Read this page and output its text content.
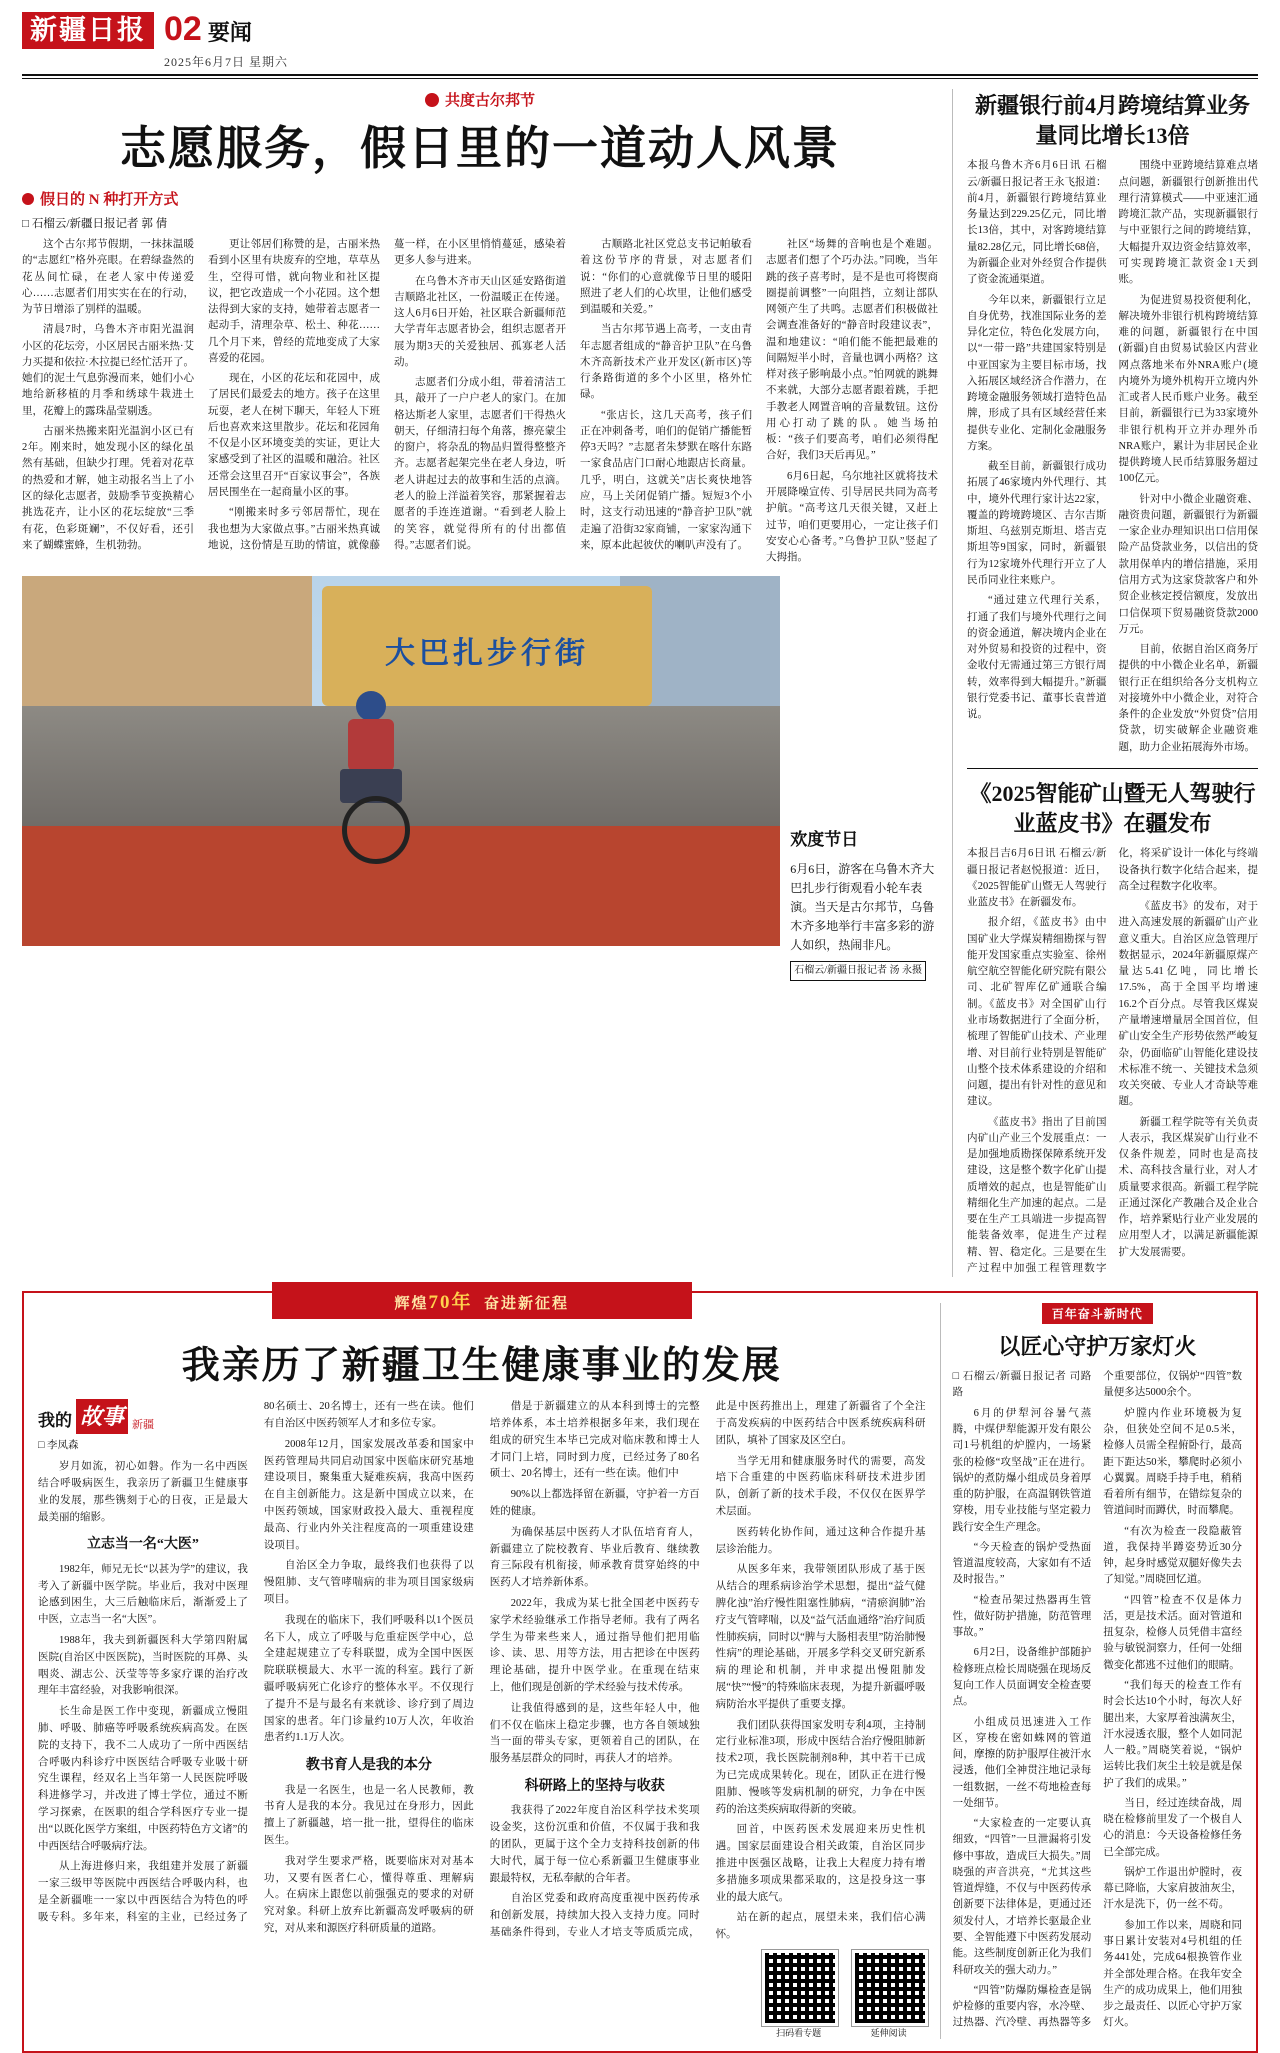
新疆日报 02 要闻
2025年6月7日 星期六
共度古尔邦节
志愿服务，假日里的一道动人风景
假日的 N 种打开方式
□ 石榴云/新疆日报记者 郭 倩

这个古尔邦节假期，一抹抹温暖的“志愿红”格外亮眼。在碧绿盎然的花丛间忙碌，在老人家中传递爱心……志愿者们用实实在在的行动，为节日增添了别样的温暖。

清晨7时，乌鲁木齐市阳光温润小区的花坛旁，小区居民古丽米热·艾力买提和依拉·木拉提已经忙活开了。她们的泥土气息弥漫而来，她们小心地给新移植的月季和绣球牛栽进土里，花瓣上的露珠晶莹剔透。

古丽米热搬来阳光温润小区已有2年。刚来时，她发现小区的绿化虽然有基础，但缺少打理。凭着对花草的热爱和才解，她主动报名当上了小区的绿化志愿者，鼓励季节变换精心挑选花卉，让小区的花坛绽放“三季有花，色彩斑斓”，不仅好看，还引来了蝴蝶蜜蜂，生机勃勃。

更让邻居们称赞的是，古丽米热看到小区里有块废弃的空地，草草丛生，空得可惜，就向物业和社区提议，把它改造成一个小花园。这个想法得到大家的支持，她带着志愿者一起动手，清理杂草、松土、种花……几个月下来，曾经的荒地变成了大家喜爱的花园。

现在，小区的花坛和花园中，成了居民们最爱去的地方。孩子在这里玩耍，老人在树下聊天，年轻人下班后也喜欢来这里散步。花坛和花园角不仅是小区环境变美的实证，更让大家感受到了社区的温暖和融洽。社区还常会这里召开“百家议事会”，各族居民围坐在一起商量小区的事。

“刚搬来时多亏邻居帮忙，现在我也想为大家做点事。”古丽米热真诚地说，这份情是互助的情谊，就像藤蔓一样，在小区里悄悄蔓延，感染着更多人参与进来。

在乌鲁木齐市天山区延安路街道吉顺路北社区，一份温暖正在传递。这人6月6日开始，社区联合新疆师范大学青年志愿者协会，组织志愿者开展为期3天的关爱独居、孤寡老人活动。

志愿者们分成小组，带着清洁工具，敲开了一户户老人的家门。在加格达斯老人家里，志愿者们干得热火朝天，仔细清扫每个角落，擦亮蒙尘的窗户，将杂乱的物品归置得整整齐齐。志愿者起架完坐在老人身边，听老人讲起过去的故事和生活的点滴。老人的脸上洋溢着笑容，那紧握着志愿者的手连连道谢。“看到老人脸上的笑容，就觉得所有的付出都值得。”志愿者们说。

古顺路北社区党总支书记帕敏看着这份节序的背景，对志愿者们说：“你们的心意就像节日里的暖阳照进了老人们的心坎里，让他们感受到温暖和关爱。”

当古尔邦节遇上高考，一支由青年志愿者组成的“静音护卫队”在乌鲁木齐高新技术产业开发区(新市区)等行条路街道的多个小区里，格外忙碌。

“张店长，这几天高考，孩子们正在冲刺备考，咱们的促销广播能暂停3天吗？”志愿者朱梦默在喀什东路一家食品店门口耐心地跟店长商量。几乎，明白，这就关”店长爽快地答应，马上关闭促销广播。短短3个小时，这支行动迅速的“静音护卫队”就走遍了沿街32家商铺，一家家沟通下来，原本此起彼伏的喇叭声没有了。

社区“场舞的音响也是个难题。志愿者们想了个巧办法。”同晚，当年跳的孩子喜考时，是不是也可将锲商圈提前调整”一向阻挡，立刻让部队网领产生了共鸣。志愿者们积极做社会调查准备好的“静音时段建议表”，温和地建议：“咱们能不能把最难的间隔短半小时，音量也调小两格？这样对孩子影响最小点。”怕网就的跳舞不来就，大部分志愿者跟着跳，手把手教老人网置音响的音量数钮。这份用心打动了跳的队。她当场拍板：“孩子们要高考，咱们必须得配合好，我们3天后再见。”

6月6日起，乌尔地社区就将技术开展降噪宣传、引导居民共同为高考护航。“高考这几天很关键，又赶上过节，咱们更要用心，一定让孩子们安安心心备考。”乌鲁护卫队”竖起了大拇指。

大巴扎步行街
欢度节日
6月6日，游客在乌鲁木齐大巴扎步行街观看小轮车表演。当天是古尔邦节，乌鲁木齐多地举行丰富多彩的游人如织，热闹非凡。
石榴云/新疆日报记者 汤 永摄
新疆银行前4月跨境结算业务量同比增长13倍

本报乌鲁木齐6月6日讯 石榴云/新疆日报记者王永飞报道：前4月，新疆银行跨境结算业务量达到229.25亿元，同比增长13倍，其中，对客跨境结算量82.28亿元，同比增长68倍，为新疆企业对外经贸合作提供了资金流通渠道。

今年以来，新疆银行立足自身优势，找准国际业务的差异化定位，特色化发展方向，以“一带一路”共建国家特别是中亚国家为主要目标市场，找入拓展区域经济合作潜力，在跨境金融服务领域打造特色品牌，形成了具有区域经营任来提供专业化、定制化金融服务方案。

截至目前，新疆银行成功拓展了46家境内外代理行、其中，境外代理行家计达22家，覆盖的跨境跨境区、吉尔吉斯斯坦、乌兹别克斯坦、塔吉克斯坦等9国家，同时，新疆银行为12家境外代理行开立了人民币同业往来账户。

“通过建立代理行关系，打通了我们与境外代理行之间的资金通道，解决境内企业在对外贸易和投资的过程中，资金收付无需通过第三方银行周转，效率得到大幅提升。”新疆银行党委书记、董事长袁普道说。

围绕中亚跨境结算难点堵点问题，新疆银行创新推出代理行清算模式——中亚速汇通跨境汇款产品，实现新疆银行与中亚银行之间的跨境结算，大幅提升双边资金结算效率，可实现跨境汇款资金1天到账。

为促进贸易投资便利化，解决境外非银行机构跨境结算难的问题，新疆银行在中国(新疆)自由贸易试验区内营业网点落地米布外NRA账户(境内境外为境外机构开立境内外汇或者人民币账户业务。截至目前，新疆银行已为33家境外非银行机构开立并办理外币NRA账户，累计为非居民企业提供跨境人民币结算服务超过100亿元。

针对中小微企业融资难、融资贵问题，新疆银行为新疆一家企业办理知识出口信用保险产品贷款业务，以信出的贷款用保单内的增信措施，采用信用方式为这家贷款客户和外贸企业核定授信额度，发放出口信保项下贸易融资贷款2000万元。

目前，依据自治区商务厅提供的中小微企业名单，新疆银行正在组织给各分支机构立对接境外中小微企业，对符合条件的企业发放“外贸贷”信用贷款，切实破解企业融资难题，助力企业拓展海外市场。

《2025智能矿山暨无人驾驶行业蓝皮书》在疆发布

本报吕吉6月6日讯 石榴云/新疆日报记者赵悦报道：近日，《2025智能矿山暨无人驾驶行业蓝皮书》在新疆发布。

报介绍，《蓝皮书》由中国矿业大学煤炭精细勘探与智能开发国家重点实验室、徐州航空航空智能化研究院有限公司、北矿智库亿矿通联合编制。《蓝皮书》对全国矿山行业市场数据进行了全面分析，梳理了智能矿山技术、产业理增、对目前行业特别是智能矿山整个技术体系建设的介绍和问题，提出有针对性的意见和建议。

《蓝皮书》指出了目前国内矿山产业三个发展重点：一是加强地质勘探保障系统开发建设，这是整个数字化矿山提质增效的起点，也是智能矿山精细化生产加速的起点。二是要在生产工具端进一步提高智能装备效率，促进生产过程精、智、稳定化。三是要在生产过程中加强工程管理数字化，将采矿设计一体化与终端设备执行数字化结合起来，提高全过程数字化收率。

《蓝皮书》的发布，对于进入高速发展的新疆矿山产业意义重大。自治区应急管理厅数据显示，2024年新疆原煤产量达5.41亿吨，同比增长17.5%，高于全国平均增速16.2个百分点。尽管我区煤炭产量增速增量居全国首位，但矿山安全生产形势依然严峻复杂，仍面临矿山智能化建设技术标准不统一、关键技术急须攻关突破、专业人才奇缺等难题。

新疆工程学院等有关负责人表示，我区煤炭矿山行业不仅条件规差，同时也是高技术、高科技含量行业，对人才质量要求很高。新疆工程学院正通过深化产教融合及企业合作，培养紧贴行业产业发展的应用型人才，以满足新疆能源扩大发展需要。

辉煌70年 奋进新征程
我亲历了新疆卫生健康事业的发展
我的 故事 新疆

□ 李凤森

岁月如流，初心如磐。作为一名中西医结合呼吸病医生，我亲历了新疆卫生健康事业的发展，那些镌刻于心的日夜，正是最大最美丽的缩影。

立志当一名“大医”

1982年，师兄无长“以甚为学”的建议，我考入了新疆中医学院。毕业后，我对中医理论感到困生，大三后触临床后，渐渐爱上了中医，立志当一名“大医”。

1988年，我夫到新疆医科大学第四附属医院(自治区中医医院)，当时医院的耳鼻、头咽炎、湖志公、沃莹等等多家疗课的治疗改理年丰富经验，对我影响很深。

长生命是医工作中变现，新疆成立慢阻肺、呼吸、肺癌等呼吸系统疾病高发。在医院的支持下，我不二人成功了一所中西医结合呼吸内科诊疗中医医结合呼吸专业吸十研究生课程，经双名上当年第一人民医院呼吸科进修学习，并改进了博士学位，通过不断学习探索，在医职的组合学科医疗专业一提出“以既化医学方案组，中医药特色方文诸”的中西医结合呼吸病疗法。

从上海进修归来，我组建并发展了新疆一家三级甲等医院中西医结合呼吸内科，也是全新疆唯一一家以中西医结合为特色的呼吸专科。多年来，科室的主业，已经过务了80名硕士、20名博士，还有一些在读。他们有自治区中医药领军人才和多位专家。

2008年12月，国家发展改革委和国家中医药管理局共同启动国家中医临床研究基地建设项目，聚集重大疑难疾病，我高中医药在自主创新能力。这是新中国成立以来，在中医药领域，国家财政投入最大、重视程度最高、行业内外关注程度高的一项重建设建设项目。

自治区全力争取，最终我们也获得了以慢阻肺、支气管哮喘病的非为项目国家级病项目。

我现在的临床下，我们呼吸科以1个医员名下人，成立了呼吸与危重症医学中心，总全建起规建立了专科联盟，成为全国中医医院联联模最大、水平一流的科室。践行了新疆呼吸病死亡化诊疗的整体水平。不仅现行了提升不是与最名有来就诊、诊疗到了周边国家的患者。年门诊量约10万人次，年收治患者约1.1万人次。

教书育人是我的本分

我是一名医生，也是一名人民教师，教书育人是我的本分。我见过在身形力，因此擅上了新疆越，培一批一批，望得住的临床医生。

我对学生要求严格，既要临床对对基本功，又要有医者仁心，懂得尊重、理解病人。在病床上跟您以前强强克的要求的对研究对象。科研上放弃比新疆高发呼吸病的研究，对从来和源医疗科研质量的道路。

借是于新疆建立的从本科到博士的完整培养体系，本土培养根据多年来，我们现在组成的研究生本毕已完成对临床教和博士人才同门上培，同时到力度，已经过务了80名硕士、20名博士，还有一些在读。他们中

90%以上都选择留在新疆，守护着一方百姓的健康。

为确保基层中医药人才队伍培育育人，新疆建立了院校教育、毕业后教育、继续教育三际段有机衔接，师承教育贯穿始终的中医药人才培养新体系。

2022年，我成为某七批全国老中医药专家学术经验继承工作指导老师。我有了两名学生为带来些来人，通过指导他们把用临诊、读、思、用等方法，用古把诊在中医药理论基础，提升中医学业。在重现在结束上，他们现是创新的学术经验与技术传承。

让我值得感到的是，这些年轻人中，他们不仅在临床上稳定步骤，也方各自领域独当一面的带头专家，更领着自己的团队，在服务基层群众的同时，再获人才的培养。

科研路上的坚持与收获

我获得了2022年度自治区科学技术奖项设金奖，这份沉重和价值，不仅属于我和我的团队，更属于这个全力支持科技创新的伟大时代，属于每一位心系新疆卫生健康事业跟最特权，无私奉献的合年者。

自治区党委和政府高度重视中医药传承和创新发展，持续加大投入支持力度。同时基础条件得到，专业人才培支等质质完成，此是中医药推出上，理建了新疆省了个全注于高发疾病的中医药结合中医系统疾病科研团队，填补了国家及区空白。

当学无用和健康服务时代的需要，高发培下合重建的中医药临床科研技术进步团队，创新了新的技术手段，不仅仅在医界学术层面。

医药转化协作间，通过这种合作提升基层诊治能力。

从医多年来，我带领团队形成了基于医从结合的理系病诊治学术思想，提出“益气健脾化浊”治疗慢性阻塞性肺病，“清瘀润肺”治疗支气管哮喘，以及“益气活血通络”治疗间质性肺疾病，同时以“脾与大肠相表里”防治肺慢性病”的理论基础，开展多学科交叉研究新系病的理论和机制，并申求提出慢阻肺发展“快”“慢”的特殊临床表现，为提升新疆呼吸病防治水平提供了重要支撑。

我们团队获得国家发明专利4项，主持制定行业标准3项，形成中医结合治疗慢阻肺新技术2项，我长医院制剂8种，其中若干已成为已完成成果转化。现在，团队正在进行慢阻肺、慢咳等发病机制的研究，力争在中医药的治这类疾病取得新的突破。

回首，中医药医术发展迎来历史性机遇。国家层面建设合相关政策，自治区同步推进中医强区战略，让我上大程度力持有增多措施多项成果都采取的，这是投身这一事业的最大底气。

站在新的起点，展望未来，我们信心满怀。

扫码看专题	延伸阅读
百年奋斗新时代
以匠心守护万家灯火

□ 石榴云/新疆日报记者 司路路

6月的伊犁河谷暑气蒸腾，中煤伊犁能源开发有限公司1号机组的炉膛内，一场紧张的检修“攻坚战”正在进行。锅炉的煮防爆小组成员身着厚重的防护服，在高温钢铁管道穿梭，用专业技能与坚定毅力践行安全生产理念。

“今天检查的锅炉受热面管道温度较高，大家如有不适及时报告。”

“检查吊架过热器再生管性，做好防护措施，防范管理事故。”

6月2日，设备维护部随护检修班点检长周晓强在现场反复向工作人员面调安全检查要点。

小组成员迅速进入工作区，穿梭在密如蛛网的管道间，摩擦的防护服厚住被汗水浸透，他们全神贯注地记录每一组数据，一丝不苟地检查每一处细节。

“大家检查的一定要认真细致，“四管”一旦泄漏将引发修中事故，造成巨大损失。”周晓强的声音洪亮，“尤其这些管道焊缝，不仅与中医药传承创新要下法律体是，更通过还须发付人，才培养长驱最企业要、全智能遵下中医药发展动能。这些制度创新正化为我们科研攻关的强大动力。”

“四管”防爆防爆检查是锅炉检修的重要内容，水冷壁、过热器、汽冷壁、再热器等多个重要部位，仅锅炉“四管”数量便多达5000余个。

炉膛内作业环境极为复杂，但狭处空间不足0.5米，检修人员需全程俯卧行，最高距下距达50米，攀爬时必须小心翼翼。周晓手持手电，稍稍看着所有细节，在错综复杂的管道间时而蹲伏，时而攀爬。

“有次为检查一段隐蔽管道，我保持半蹲姿势近30分钟，起身时感觉双腿好像失去了知觉。”周晓回忆道。

“四管”检查不仅是体力活，更是技术活。面对管道和扭复杂，检修人员凭借丰富经验与敏锐洞察力，任何一处细微变化都逃不过他们的眼睛。

“我们每天的检查工作有时会长达10个小时，每次人好腿出来，大家厚着浊满灰尘，汗水浸透衣服，整个人如同泥人一般。”周晓笑着说，“锅炉运转比我们灰尘土较是就是保护了我们的成果。”

当日，经过连续奋战，周晓在检修前里发了一个极自人心的消息：今天设备检修任务已全部完成。

锅炉工作退出炉膛时，夜幕已降临，大家肩披油灰尘，汗水是洗下，仍一丝不苟。

参加工作以来，周晓和同事日累计安装对4号机组的任务441处，完成64根换管作业并全部处理合格。在我年安全生产的成功成果上，他们用独步之最责任、以匠心守护万家灯火。
